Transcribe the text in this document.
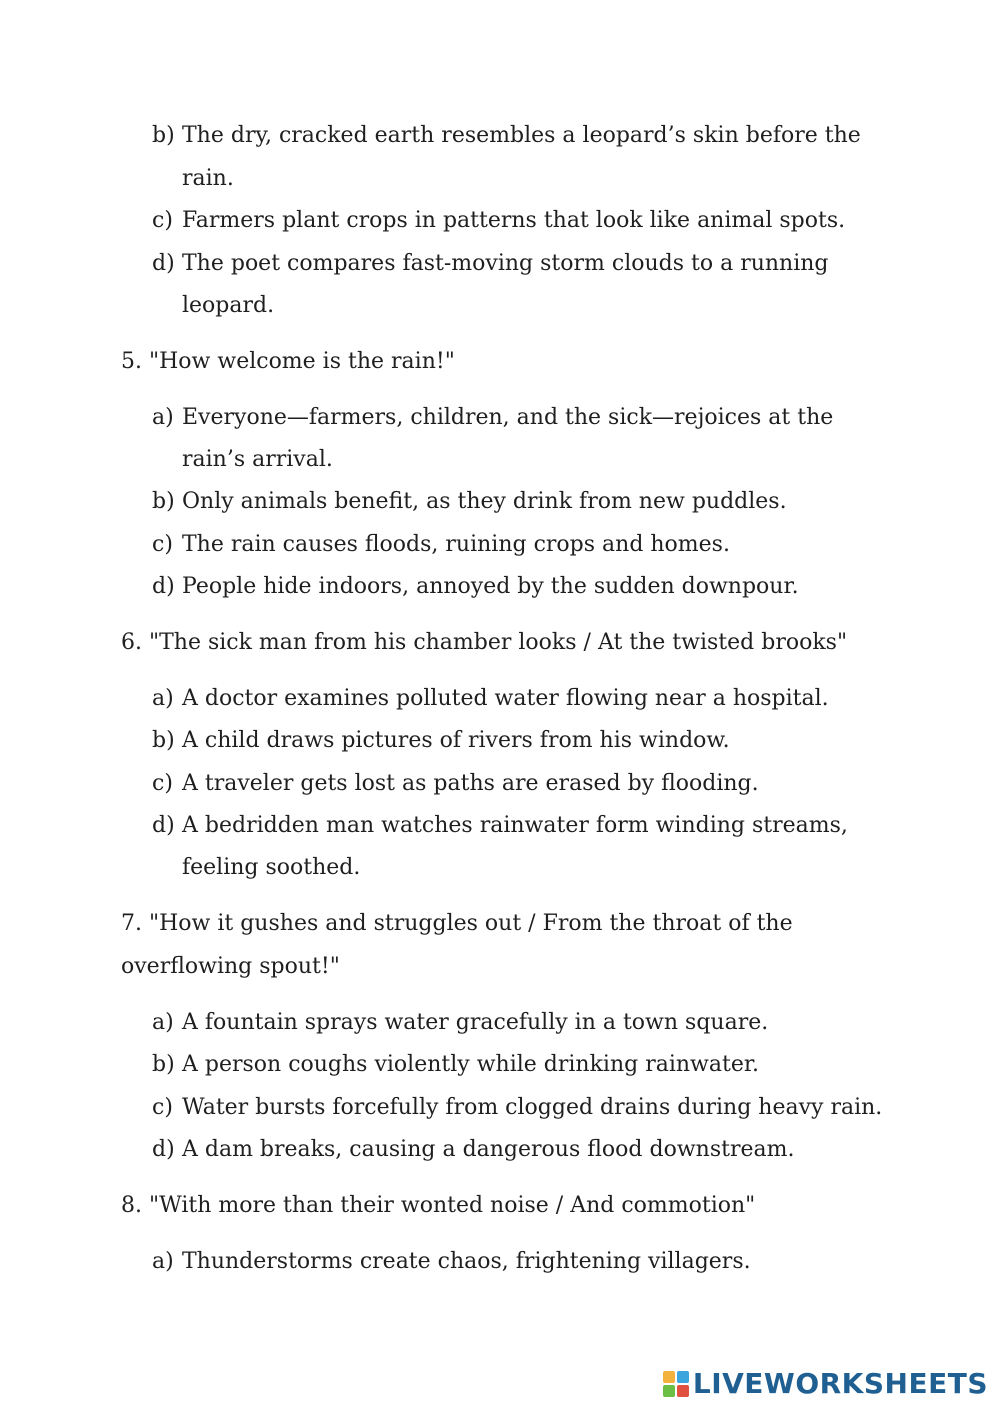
b) The dry, cracked earth resembles a leopard’s skin before the
rain.
c) Farmers plant crops in patterns that look like animal spots.
d) The poet compares fast-moving storm clouds to a running
leopard.
5. "How welcome is the rain!"
a) Everyone—farmers, children, and the sick—rejoices at the
rain’s arrival.
b) Only animals benefit, as they drink from new puddles.
c) The rain causes floods, ruining crops and homes.
d) People hide indoors, annoyed by the sudden downpour.
6. "The sick man from his chamber looks / At the twisted brooks"
a) A doctor examines polluted water flowing near a hospital.
b) A child draws pictures of rivers from his window.
c) A traveler gets lost as paths are erased by flooding.
d) A bedridden man watches rainwater form winding streams,
feeling soothed.
7. "How it gushes and struggles out / From the throat of the
overflowing spout!"
a) A fountain sprays water gracefully in a town square.
b) A person coughs violently while drinking rainwater.
c) Water bursts forcefully from clogged drains during heavy rain.
d) A dam breaks, causing a dangerous flood downstream.
8. "With more than their wonted noise / And commotion"
a) Thunderstorms create chaos, frightening villagers.
LIVEWORKSHEETS
